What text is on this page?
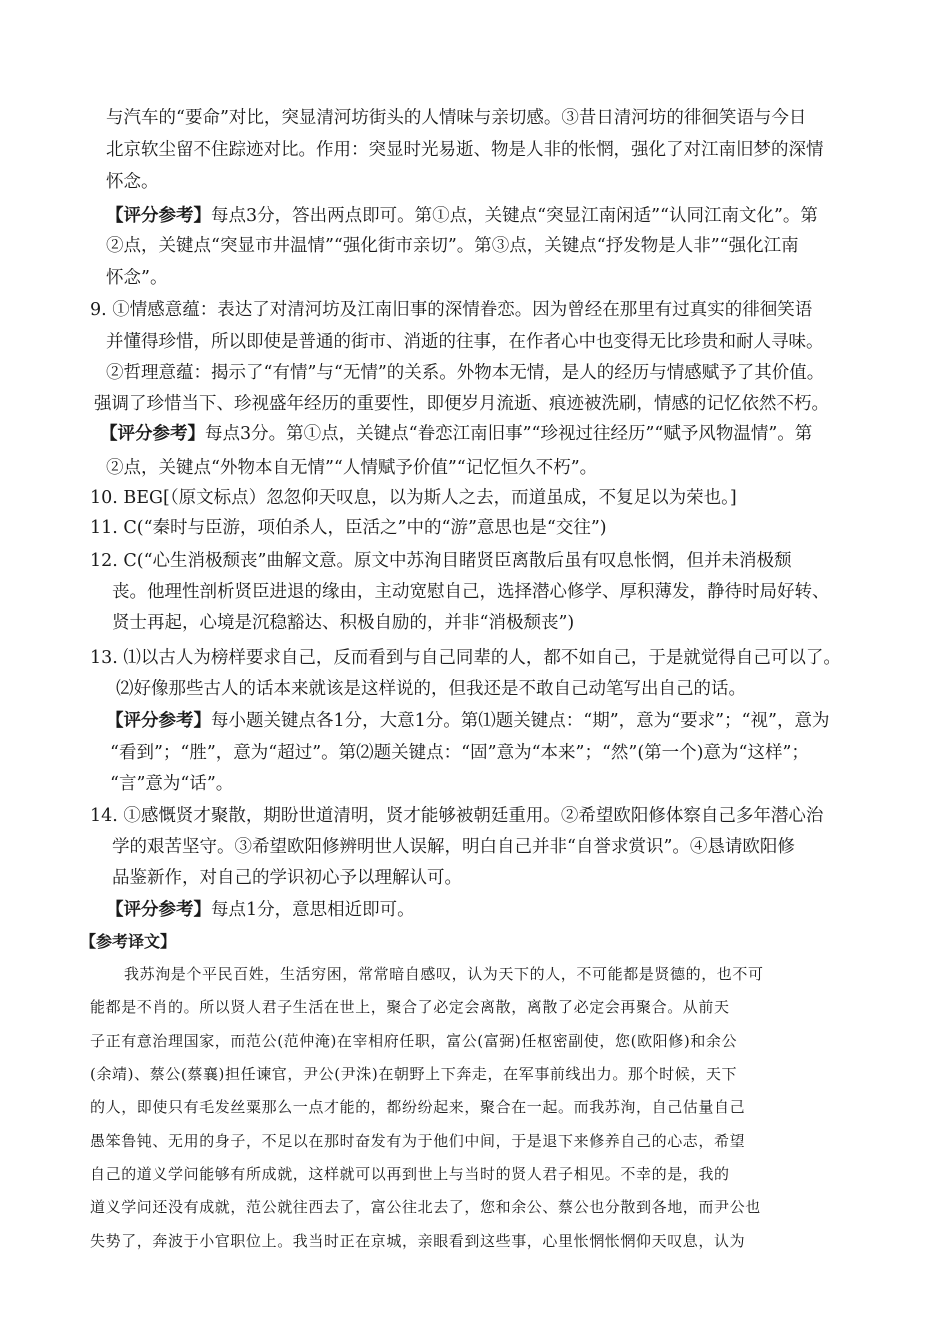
与汽车的“要命”对比，突显清河坊街头的人情味与亲切感。③昔日清河坊的徘徊笑语与今日
北京软尘留不住踪迹对比。作用：突显时光易逝、物是人非的怅惘，强化了对江南旧梦的深情
怀念。
【评分参考】每点3分，答出两点即可。第①点，关键点“突显江南闲适”“认同江南文化”。第
②点，关键点“突显市井温情”“强化街市亲切”。第③点，关键点“抒发物是人非”“强化江南
怀念”。
9. ①情感意蕴：表达了对清河坊及江南旧事的深情眷恋。因为曾经在那里有过真实的徘徊笑语
并懂得珍惜，所以即使是普通的街市、消逝的往事，在作者心中也变得无比珍贵和耐人寻味。
②哲理意蕴：揭示了“有情”与“无情”的关系。外物本无情，是人的经历与情感赋予了其价值。
强调了珍惜当下、珍视盛年经历的重要性，即便岁月流逝、痕迹被洗刷，情感的记忆依然不朽。
【评分参考】每点3分。第①点，关键点“眷恋江南旧事”“珍视过往经历”“赋予风物温情”。第
②点，关键点“外物本自无情”“人情赋予价值”“记忆恒久不朽”。
10. BEG[（原文标点）忽忽仰天叹息，以为斯人之去，而道虽成，不复足以为荣也。]
11. C(“秦时与臣游，项伯杀人，臣活之”中的“游”意思也是“交往”)
12. C(“心生消极颓丧”曲解文意。原文中苏洵目睹贤臣离散后虽有叹息怅惘，但并未消极颓
丧。他理性剖析贤臣进退的缘由，主动宽慰自己，选择潜心修学、厚积薄发，静待时局好转、
贤士再起，心境是沉稳豁达、积极自励的，并非“消极颓丧”)
13. ⑴以古人为榜样要求自己，反而看到与自己同辈的人，都不如自己，于是就觉得自己可以了。
⑵好像那些古人的话本来就该是这样说的，但我还是不敢自己动笔写出自己的话。
【评分参考】每小题关键点各1分，大意1分。第⑴题关键点：“期”，意为“要求”；“视”，意为
“看到”；“胜”，意为“超过”。第⑵题关键点：“固”意为“本来”；“然”(第一个)意为“这样”；
“言”意为“话”。
14. ①感慨贤才聚散，期盼世道清明，贤才能够被朝廷重用。②希望欧阳修体察自己多年潜心治
学的艰苦坚守。③希望欧阳修辨明世人误解，明白自己并非“自誉求赏识”。④恳请欧阳修
品鉴新作，对自己的学识初心予以理解认可。
【评分参考】每点1分，意思相近即可。
【参考译文】
我苏洵是个平民百姓，生活穷困，常常暗自感叹，认为天下的人，不可能都是贤德的，也不可
能都是不肖的。所以贤人君子生活在世上，聚合了必定会离散，离散了必定会再聚合。从前天
子正有意治理国家，而范公(范仲淹)在宰相府任职，富公(富弼)任枢密副使，您(欧阳修)和余公
(余靖)、蔡公(蔡襄)担任谏官，尹公(尹洙)在朝野上下奔走，在军事前线出力。那个时候，天下
的人，即使只有毛发丝粟那么一点才能的，都纷纷起来，聚合在一起。而我苏洵，自己估量自己
愚笨鲁钝、无用的身子，不足以在那时奋发有为于他们中间，于是退下来修养自己的心志，希望
自己的道义学问能够有所成就，这样就可以再到世上与当时的贤人君子相见。不幸的是，我的
道义学问还没有成就，范公就往西去了，富公往北去了，您和余公、蔡公也分散到各地，而尹公也
失势了，奔波于小官职位上。我当时正在京城，亲眼看到这些事，心里怅惘怅惘仰天叹息，认为
